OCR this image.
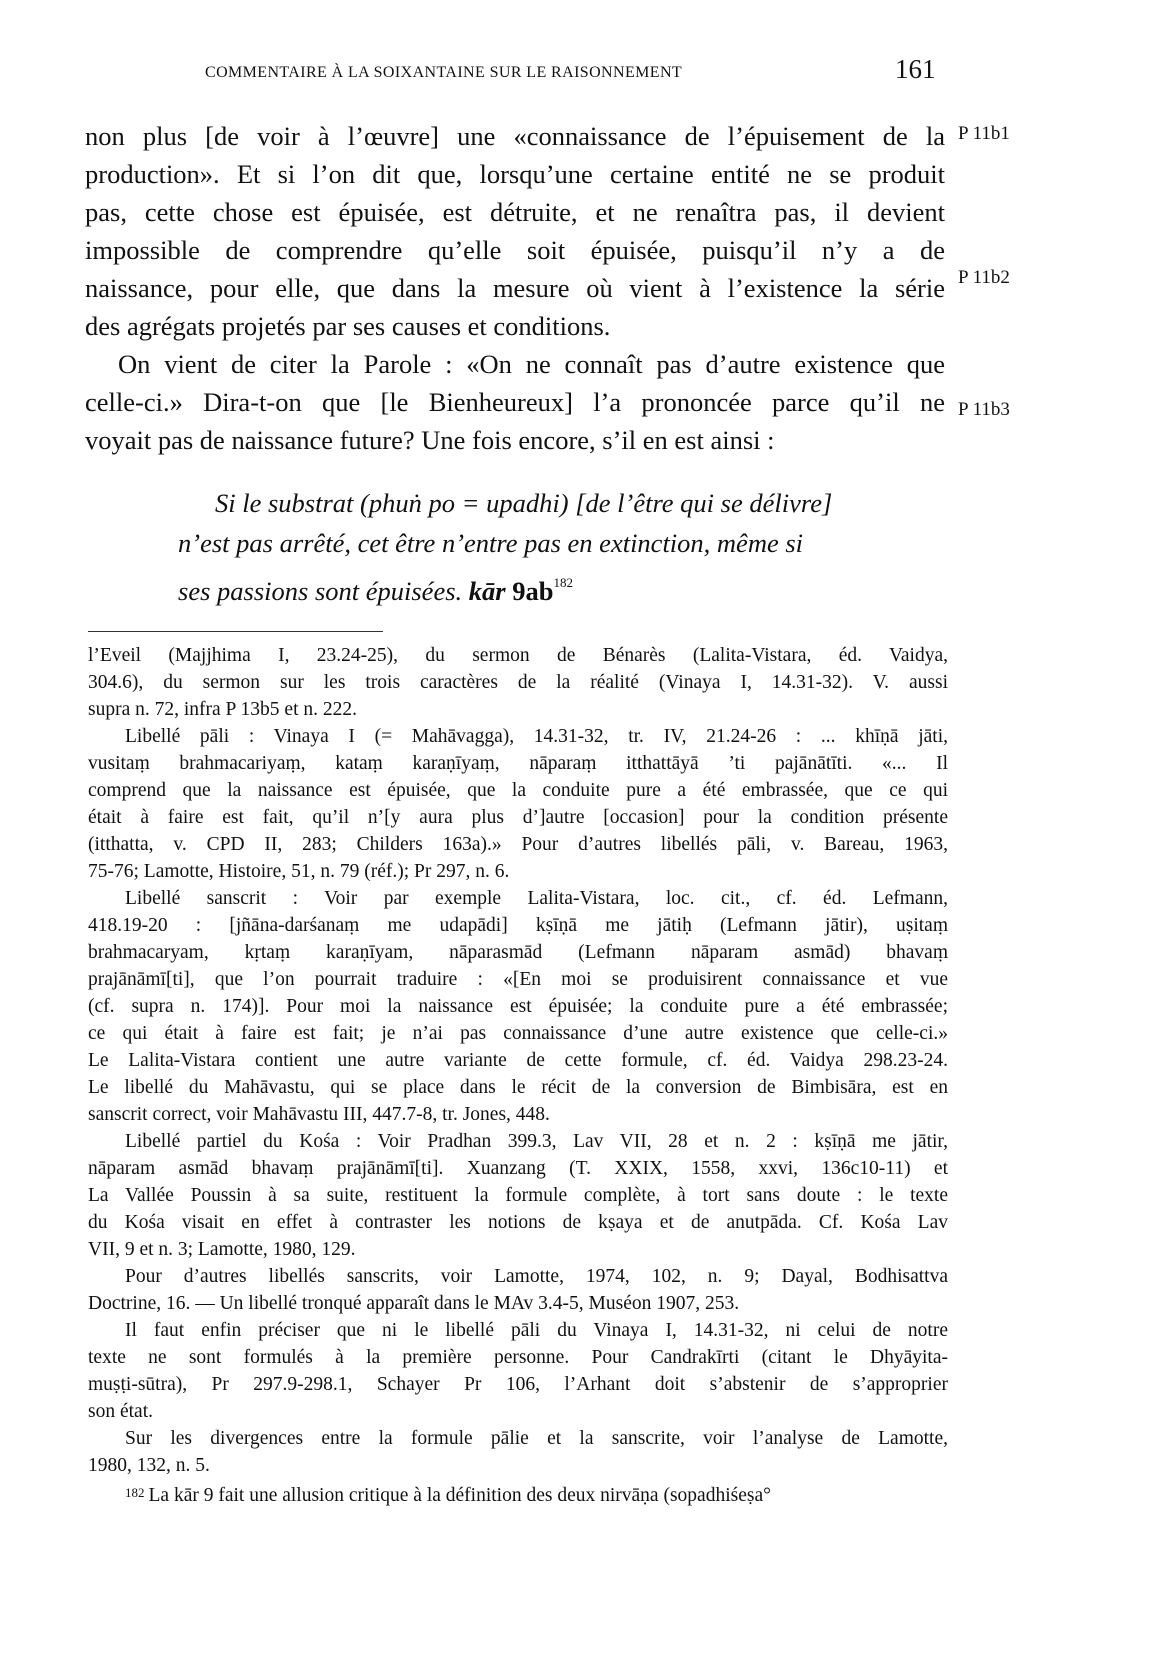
COMMENTAIRE À LA SOIXANTAINE SUR LE RAISONNEMENT	161
P 11b1
P 11b2
P 11b3
non plus [de voir à l’œuvre] une «connaissance de l’épuisement de la
production». Et si l’on dit que, lorsqu’une certaine entité ne se produit
pas, cette chose est épuisée, est détruite, et ne renaîtra pas, il devient
impossible de comprendre qu’elle soit épuisée, puisqu’il n’y a de
naissance, pour elle, que dans la mesure où vient à l’existence la série
des agrégats projetés par ses causes et conditions.
On vient de citer la Parole : «On ne connaît pas d’autre existence que
celle-ci.» Dira-t-on que [le Bienheureux] l’a prononcée parce qu’il ne
voyait pas de naissance future? Une fois encore, s’il en est ainsi :
Si le substrat (phuṅ po = upadhi) [de l’être qui se délivre]
n’est pas arrêté, cet être n’entre pas en extinction, même si
ses passions sont épuisées. kār $9ab^{182}$
l’Eveil (Majjhima I, 23.24-25), du sermon de Bénarès (Lalita-Vistara, éd. Vaidya,
304.6), du sermon sur les trois caractères de la réalité (Vinaya I, 14.31-32). V. aussi
supra n. 72, infra P 13b5 et n. 222.
Libellé pāli : Vinaya I (= Mahāvagga), 14.31-32, tr. IV, 21.24-26 : ... khīṇā jāti,
vusitaṃ brahmacariyaṃ, kataṃ karaṇīyaṃ, nāparaṃ itthattāyā ’ti pajānātīti. «... Il
comprend que la naissance est épuisée, que la conduite pure a été embrassée, que ce qui
était à faire est fait, qu’il n’[y aura plus d’]autre [occasion] pour la condition présente
(itthatta, v. CPD II, 283; Childers 163a).» Pour d’autres libellés pāli, v. Bareau, 1963,
75-76; Lamotte, Histoire, 51, n. 79 (réf.); Pr 297, n. 6.
Libellé sanscrit : Voir par exemple Lalita-Vistara, loc. cit., cf. éd. Lefmann,
418.19-20 : [jñāna-darśanaṃ me udapādi] kṣīṇā me jātiḥ (Lefmann jātir), uṣitaṃ
brahmacaryam, kṛtaṃ karaṇīyam, nāparasmād (Lefmann nāparam asmād) bhavaṃ
prajānāmī[ti], que l’on pourrait traduire : «[En moi se produisirent connaissance et vue
(cf. supra n. 174)]. Pour moi la naissance est épuisée; la conduite pure a été embrassée;
ce qui était à faire est fait; je n’ai pas connaissance d’une autre existence que celle-ci.»
Le Lalita-Vistara contient une autre variante de cette formule, cf. éd. Vaidya 298.23-24.
Le libellé du Mahāvastu, qui se place dans le récit de la conversion de Bimbisāra, est en
sanscrit correct, voir Mahāvastu III, 447.7-8, tr. Jones, 448.
Libellé partiel du Kośa : Voir Pradhan 399.3, Lav VII, 28 et n. 2 : kṣīṇā me jātir,
nāparam asmād bhavaṃ prajānāmī[ti]. Xuanzang (T. XXIX, 1558, xxvi, 136c10-11) et
La Vallée Poussin à sa suite, restituent la formule complète, à tort sans doute : le texte
du Kośa visait en effet à contraster les notions de kṣaya et de anutpāda. Cf. Kośa Lav
VII, 9 et n. 3; Lamotte, 1980, 129.
Pour d’autres libellés sanscrits, voir Lamotte, 1974, 102, n. 9; Dayal, Bodhisattva
Doctrine, 16. — Un libellé tronqué apparaît dans le MAv 3.4-5, Muséon 1907, 253.
Il faut enfin préciser que ni le libellé pāli du Vinaya I, 14.31-32, ni celui de notre
texte ne sont formulés à la première personne. Pour Candrakīrti (citant le Dhyāyita-
muṣṭi-sūtra), Pr 297.9-298.1, Schayer Pr 106, l’Arhant doit s’abstenir de s’approprier
son état.
Sur les divergences entre la formule pālie et la sanscrite, voir l’analyse de Lamotte,
1980, 132, n. 5.
$^{182}$ La kār 9 fait une allusion critique à la définition des deux nirvāṇa (sopadhiśeṣa°
